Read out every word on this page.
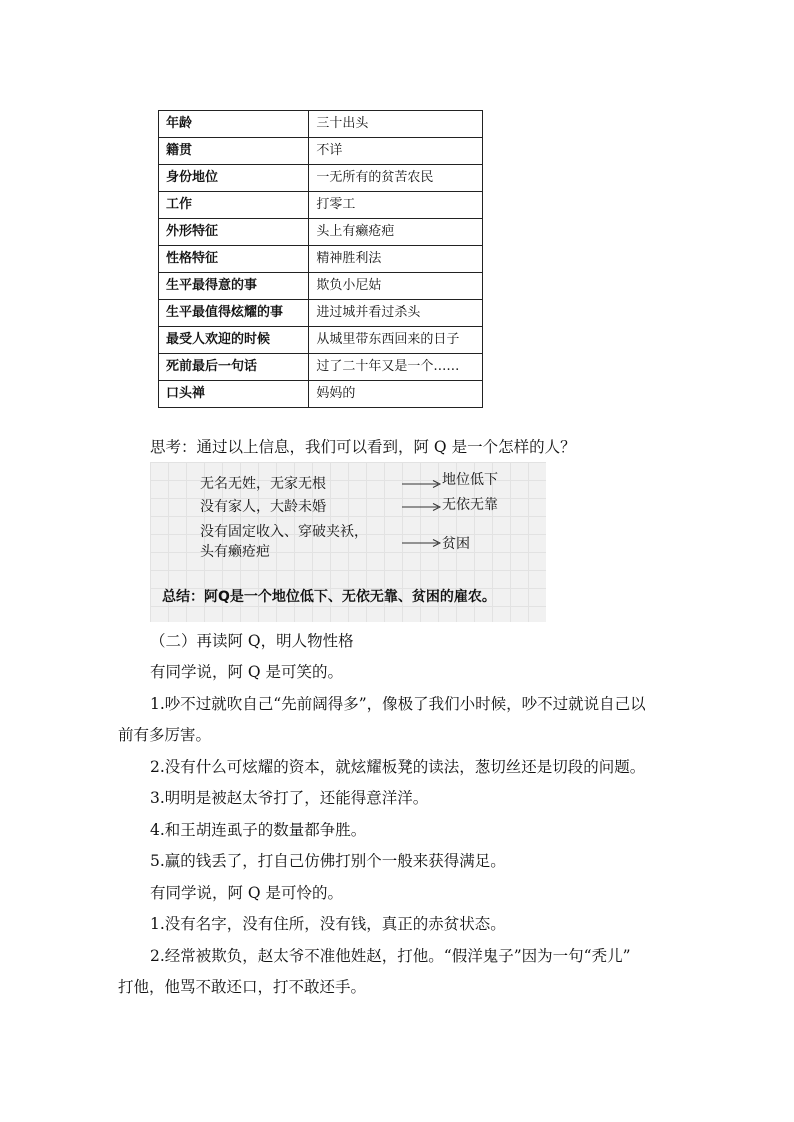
年龄	三十出头
籍贯	不详
身份地位	一无所有的贫苦农民
工作	打零工
外形特征	头上有癞疮疤
性格特征	精神胜利法
生平最得意的事	欺负小尼姑
生平最值得炫耀的事	进过城并看过杀头
最受人欢迎的时候	从城里带东西回来的日子
死前最后一句话	过了二十年又是一个……
口头禅	妈妈的
思考：通过以上信息，我们可以看到，阿 Q 是一个怎样的人？
无名无姓，无家无根	地位低下
没有家人，大龄未婚	无依无靠
没有固定收入、穿破夹袄，
头有癞疮疤	贫困
总结：阿Q是一个地位低下、无依无靠、贫困的雇农。
（二）再读阿 Q，明人物性格
有同学说，阿 Q 是可笑的。
1.吵不过就吹自己“先前阔得多”，像极了我们小时候，吵不过就说自己以
前有多厉害。
2.没有什么可炫耀的资本，就炫耀板凳的读法，葱切丝还是切段的问题。
3.明明是被赵太爷打了，还能得意洋洋。
4.和王胡连虱子的数量都争胜。
5.赢的钱丢了，打自己仿佛打别个一般来获得满足。
有同学说，阿 Q 是可怜的。
1.没有名字，没有住所，没有钱，真正的赤贫状态。
2.经常被欺负，赵太爷不准他姓赵，打他。“假洋鬼子”因为一句“秃儿”
打他，他骂不敢还口，打不敢还手。
